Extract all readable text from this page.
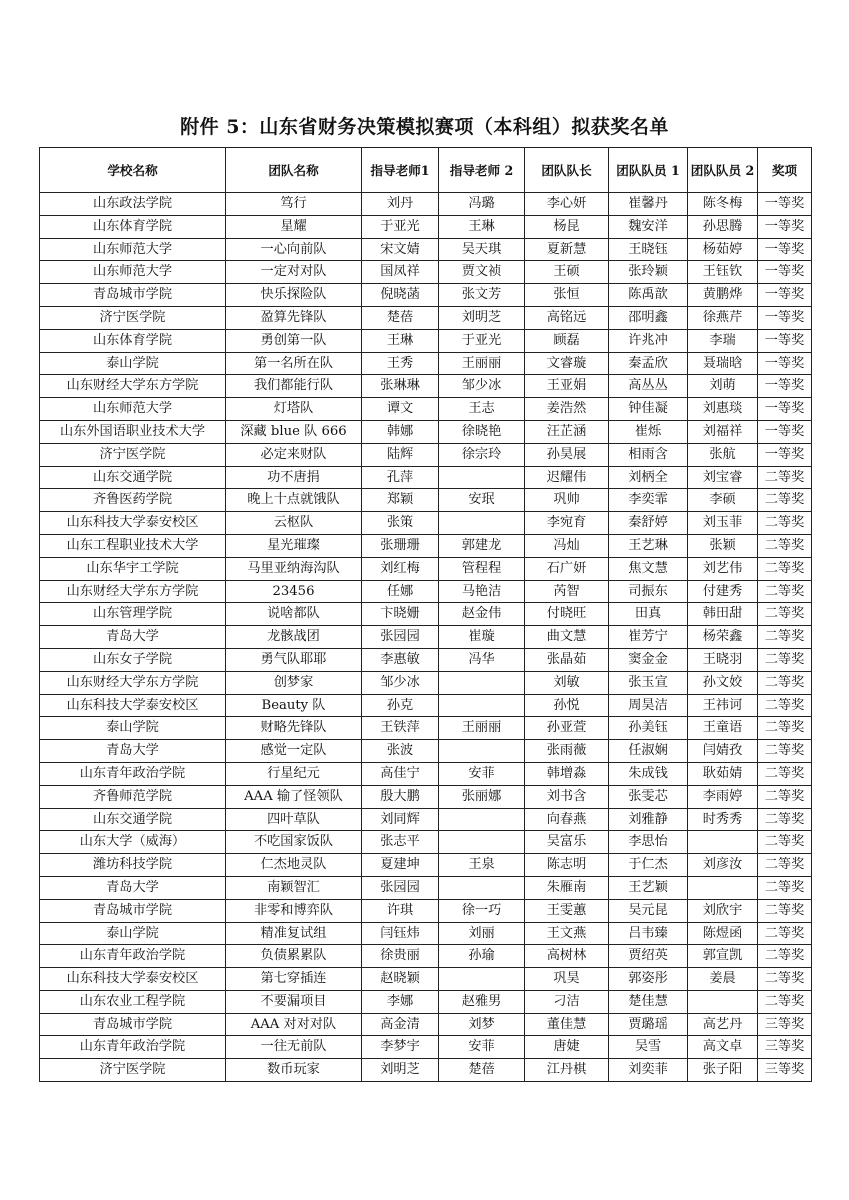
附件 5：山东省财务决策模拟赛项（本科组）拟获奖名单
学校名称	团队名称	指导老师1	指导老师 2	团队队长	团队队员 1	团队队员 2	奖项
山东政法学院	笃行	刘丹	冯璐	李心妍	崔馨丹	陈冬梅	一等奖
山东体育学院	星耀	于亚光	王琳	杨昆	魏安洋	孙思腾	一等奖
山东师范大学	一心向前队	宋文婧	吴天琪	夏新慧	王晓钰	杨茹婷	一等奖
山东师范大学	一定对对队	国凤祥	贾文祯	王硕	张玲颖	王钰钦	一等奖
青岛城市学院	快乐探险队	倪晓菡	张文芳	张恒	陈禹歆	黄鹏烨	一等奖
济宁医学院	盈算先锋队	楚蓓	刘明芝	高铭远	邵明鑫	徐燕芹	一等奖
山东体育学院	勇创第一队	王琳	于亚光	顾磊	许兆冲	李瑞	一等奖
泰山学院	第一名所在队	王秀	王丽丽	文睿璇	秦孟欣	聂瑞晗	一等奖
山东财经大学东方学院	我们都能行队	张琳琳	邹少冰	王亚娟	高丛丛	刘萌	一等奖
山东师范大学	灯塔队	谭文	王志	姜浩然	钟佳凝	刘惠琰	一等奖
山东外国语职业技术大学	深藏 blue 队 666	韩娜	徐晓艳	汪芷涵	崔烁	刘福祥	一等奖
济宁医学院	必定来财队	陆辉	徐宗玲	孙昊展	相雨含	张航	一等奖
山东交通学院	功不唐捐	孔萍		迟耀伟	刘柄全	刘宝睿	二等奖
齐鲁医药学院	晚上十点就饿队	郑颖	安珉	巩帅	李奕霏	李硕	二等奖
山东科技大学泰安校区	云枢队	张策		李宛育	秦舒婷	刘玉菲	二等奖
山东工程职业技术大学	星光璀璨	张珊珊	郭建龙	冯灿	王艺琳	张颖	二等奖
山东华宇工学院	马里亚纳海沟队	刘红梅	管程程	石广妍	焦文慧	刘艺伟	二等奖
山东财经大学东方学院	23456	任娜	马艳洁	芮智	司振东	付建秀	二等奖
山东管理学院	说啥都队	卞晓姗	赵金伟	付晓旺	田真	韩田甜	二等奖
青岛大学	龙骸战团	张园园	崔璇	曲文慧	崔芳宁	杨荣鑫	二等奖
山东女子学院	勇气队耶耶	李惠敏	冯华	张晶茹	窦金金	王晓羽	二等奖
山东财经大学东方学院	创梦家	邹少冰		刘敏	张玉宣	孙文姣	二等奖
山东科技大学泰安校区	Beauty 队	孙克		孙悦	周昊洁	王祎诃	二等奖
泰山学院	财略先锋队	王铁萍	王丽丽	孙亚萱	孙美钰	王童语	二等奖
青岛大学	感觉一定队	张波		张雨薇	任淑娴	闫婧孜	二等奖
山东青年政治学院	行星纪元	高佳宁	安菲	韩增淼	朱成钱	耿茹婧	二等奖
齐鲁师范学院	AAA 输了怪领队	殷大鹏	张丽娜	刘书含	张雯芯	李雨婷	二等奖
山东交通学院	四叶草队	刘同辉		向春燕	刘雅静	时秀秀	二等奖
山东大学（威海）	不吃国家饭队	张志平		吴富乐	李思怡		二等奖
潍坊科技学院	仁杰地灵队	夏建坤	王泉	陈志明	于仁杰	刘彦汝	二等奖
青岛大学	南颖智汇	张园园		朱雁南	王艺颖		二等奖
青岛城市学院	非零和博弈队	许琪	徐一巧	王雯蕙	吴元昆	刘欣宇	二等奖
泰山学院	精准复试组	闫钰炜	刘丽	王文燕	吕韦臻	陈煜函	二等奖
山东青年政治学院	负债累累队	徐贵丽	孙瑜	高树林	贾绍英	郭宣凯	二等奖
山东科技大学泰安校区	第七穿插连	赵晓颖		巩昊	郭姿彤	姜晨	二等奖
山东农业工程学院	不要漏项目	李娜	赵雅男	刁洁	楚佳慧		二等奖
青岛城市学院	AAA 对对对队	高金清	刘梦	董佳慧	贾璐瑶	高艺丹	三等奖
山东青年政治学院	一往无前队	李梦宇	安菲	唐婕	吴雪	高文卓	三等奖
济宁医学院	数币玩家	刘明芝	楚蓓	江丹棋	刘奕菲	张子阳	三等奖
